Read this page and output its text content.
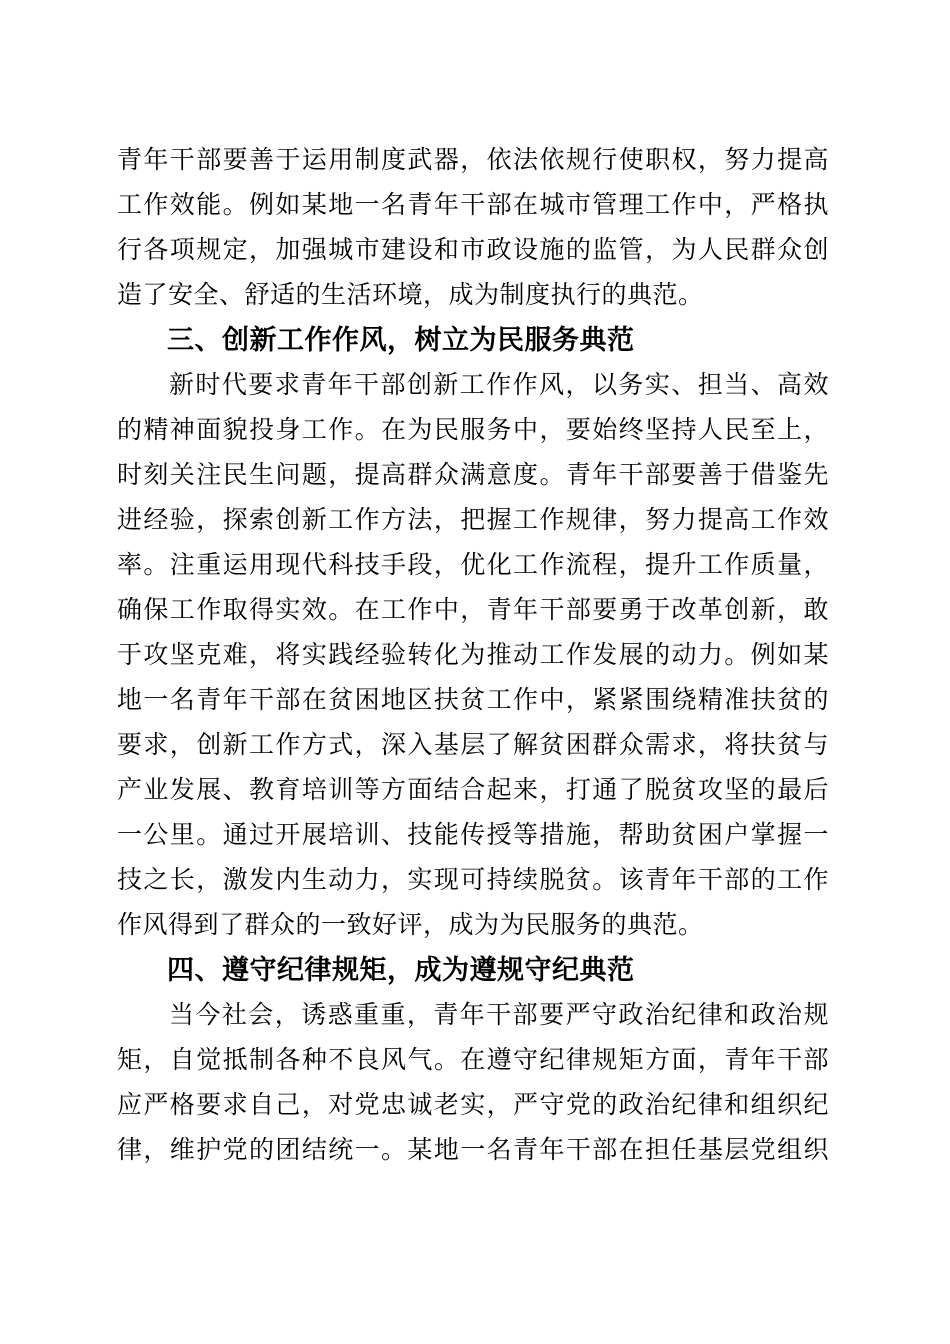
青年干部要善于运用制度武器，依法依规行使职权，努力提高
工作效能。例如某地一名青年干部在城市管理工作中，严格执
行各项规定，加强城市建设和市政设施的监管，为人民群众创
造了安全、舒适的生活环境，成为制度执行的典范。
三、创新工作作风，树立为民服务典范
新时代要求青年干部创新工作作风，以务实、担当、高效
的精神面貌投身工作。在为民服务中，要始终坚持人民至上，
时刻关注民生问题，提高群众满意度。青年干部要善于借鉴先
进经验，探索创新工作方法，把握工作规律，努力提高工作效
率。注重运用现代科技手段，优化工作流程，提升工作质量，
确保工作取得实效。在工作中，青年干部要勇于改革创新，敢
于攻坚克难，将实践经验转化为推动工作发展的动力。例如某
地一名青年干部在贫困地区扶贫工作中，紧紧围绕精准扶贫的
要求，创新工作方式，深入基层了解贫困群众需求，将扶贫与
产业发展、教育培训等方面结合起来，打通了脱贫攻坚的最后
一公里。通过开展培训、技能传授等措施，帮助贫困户掌握一
技之长，激发内生动力，实现可持续脱贫。该青年干部的工作
作风得到了群众的一致好评，成为为民服务的典范。
四、遵守纪律规矩，成为遵规守纪典范
当今社会，诱惑重重，青年干部要严守政治纪律和政治规
矩，自觉抵制各种不良风气。在遵守纪律规矩方面，青年干部
应严格要求自己，对党忠诚老实，严守党的政治纪律和组织纪
律，维护党的团结统一。某地一名青年干部在担任基层党组织
